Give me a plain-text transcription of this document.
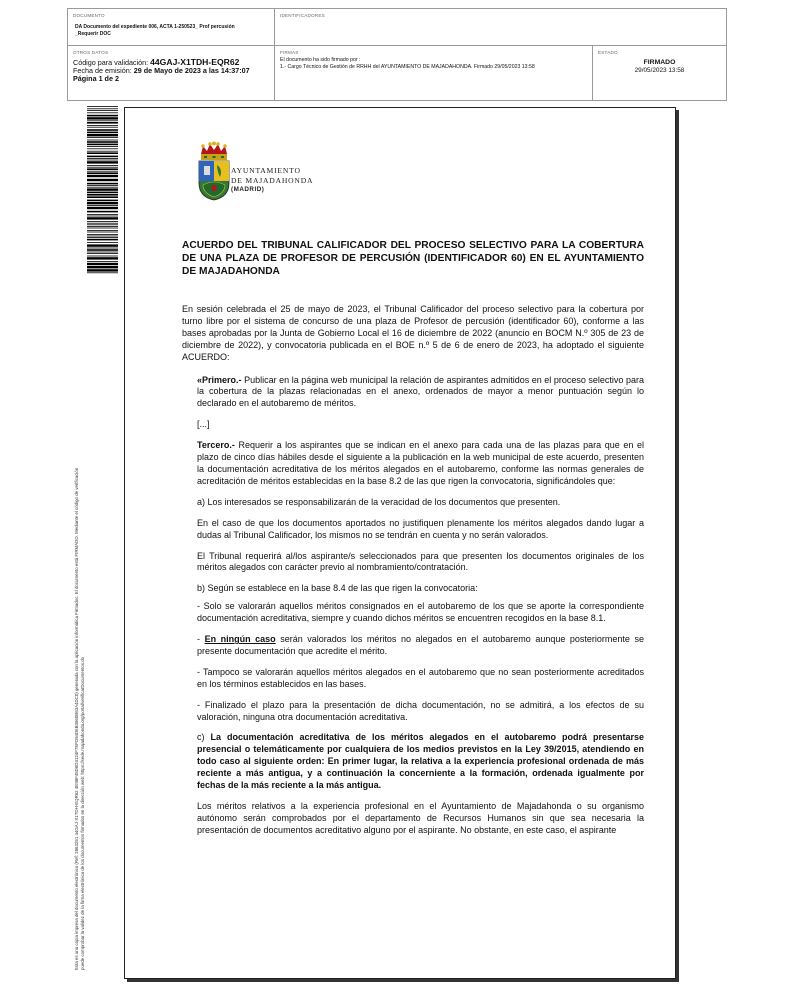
DOCUMENTO
DA Documento del expediente 006, ACTA 1-250523_ Prof percusión
_Requerir DOC
IDENTIFICADORES
OTROS DATOS
Código para validación: 44GAJ-X1TDH-EQR62
Fecha de emisión: 29 de Mayo de 2023 a las 14:37:07
Página 1 de 2
FIRMAS
El documento ha sido firmado por :
1.- Cargo Técnico de Gestión de RRHH del AYUNTAMIENTO DE MAJADAHONDA. Firmado 29/05/2023 13:58
ESTADO
FIRMADO
29/05/2023 13:58
Esta es una copia impresa del documento electrónico (Ref: 2863251 44GAJ-X1TDH-EQR62 4E98F45D6D3124F7EFD94D6B3660B63A4DC0) generada con la aplicación informática Firmadoc. El documento está FIRMADO. Mediante el código de verificación puede comprobar la validez de la firma electrónica de los documentos firmados en la dirección web: https://sede.majadahonda.org/portal/verificarDocumentos.do
AYUNTAMIENTO
DE MAJADAHONDA
(MADRID)
ACUERDO DEL TRIBUNAL CALIFICADOR DEL PROCESO SELECTIVO PARA LA COBERTURA DE UNA PLAZA DE PROFESOR DE PERCUSIÓN (IDENTIFICADOR 60) EN EL AYUNTAMIENTO DE MAJADAHONDA

En sesión celebrada el 25 de mayo de 2023, el Tribunal Calificador del proceso selectivo para la cobertura por turno libre por el sistema de concurso de una plaza de Profesor de percusión (identificador 60), conforme a las bases aprobadas por la Junta de Gobierno Local el 16 de diciembre de 2022 (anuncio en BOCM N.º 305 de 23 de diciembre de 2022), y convocatoria publicada en el BOE n.º 5 de 6 de enero de 2023, ha adoptado el siguiente ACUERDO:

«Primero.- Publicar en la página web municipal la relación de aspirantes admitidos en el proceso selectivo para la cobertura de la plazas relacionadas en el anexo, ordenados de mayor a menor puntuación según lo declarado en el autobaremo de méritos.

[...]

Tercero.- Requerir a los aspirantes que se indican en el anexo para cada una de las plazas para que en el plazo de cinco días hábiles desde el siguiente a la publicación en la web municipal de este acuerdo, presenten la documentación acreditativa de los méritos alegados en el autobaremo, conforme las normas generales de acreditación de méritos establecidas en la base 8.2 de las que rigen la convocatoria, significándoles que:

a) Los interesados se responsabilizarán de la veracidad de los documentos que presenten.

En el caso de que los documentos aportados no justifiquen plenamente los méritos alegados dando lugar a dudas al Tribunal Calificador, los mismos no se tendrán en cuenta y no serán valorados.

El Tribunal requerirá al/los aspirante/s seleccionados para que presenten los documentos originales de los méritos alegados con carácter previo al nombramiento/contratación.

b) Según se establece en la base 8.4 de las que rigen la convocatoria:

- Solo se valorarán aquellos méritos consignados en el autobaremo de los que se aporte la correspondiente documentación acreditativa, siempre y cuando dichos méritos se encuentren recogidos en la base 8.1.

- En ningún caso serán valorados los méritos no alegados en el autobaremo aunque posteriormente se presente documentación que acredite el mérito.

- Tampoco se valorarán aquellos méritos alegados en el autobaremo que no sean posteriormente acreditados en los términos establecidos en las bases.

- Finalizado el plazo para la presentación de dicha documentación, no se admitirá, a los efectos de su valoración, ninguna otra documentación acreditativa.

c) La documentación acreditativa de los méritos alegados en el autobaremo podrá presentarse presencial o telemáticamente por cualquiera de los medios previstos en la Ley 39/2015, atendiendo en todo caso al siguiente orden: En primer lugar, la relativa a la experiencia profesional ordenada de más reciente a más antigua, y a continuación la concerniente a la formación, ordenada igualmente por fechas de la más reciente a la más antigua.

Los méritos relativos a la experiencia profesional en el Ayuntamiento de Majadahonda o su organismo autónomo serán comprobados por el departamento de Recursos Humanos sin que sea necesaria la presentación de documentos acreditativo alguno por el aspirante. No obstante, en este caso, el aspirante
